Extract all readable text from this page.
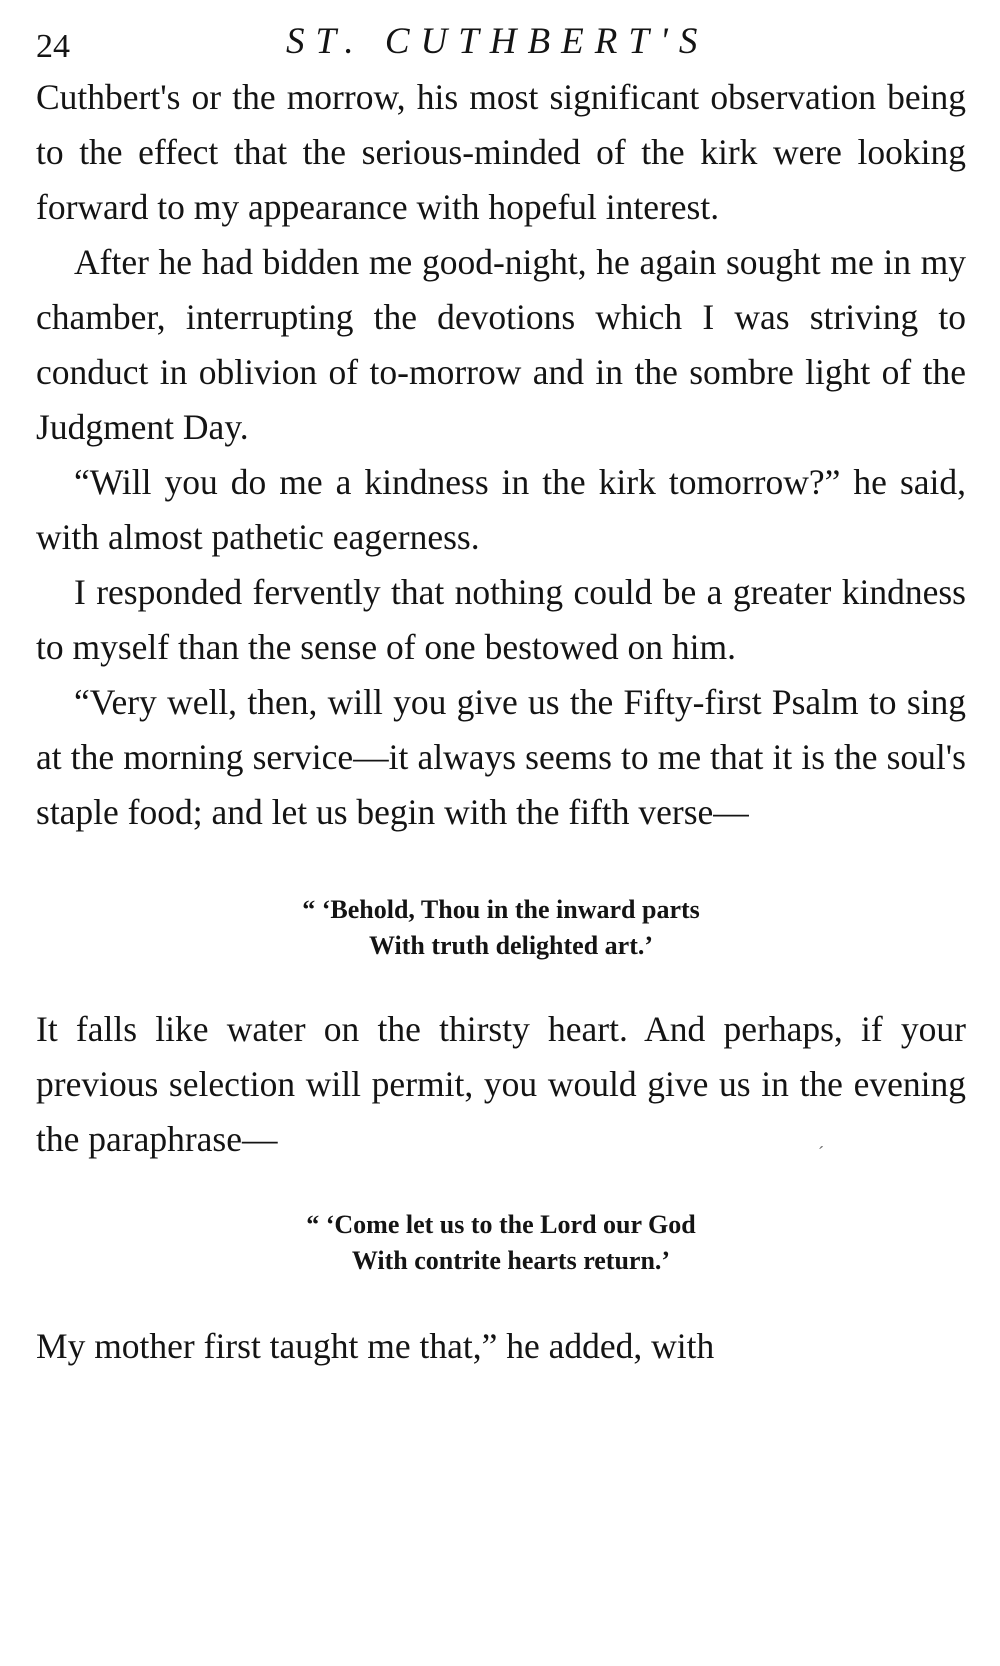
24	ST. CUTHBERT'S

Cuthbert's or the morrow, his most significant observation being to the effect that the serious-minded of the kirk were looking forward to my appearance with hopeful interest.

After he had bidden me good-night, he again sought me in my chamber, interrupting the devotions which I was striving to conduct in oblivion of to-morrow and in the sombre light of the Judgment Day.

“Will you do me a kindness in the kirk tomorrow?” he said, with almost pathetic eagerness.

I responded fervently that nothing could be a greater kindness to myself than the sense of one bestowed on him.

“Very well, then, will you give us the Fifty-first Psalm to sing at the morning service—it always seems to me that it is the soul's staple food; and let us begin with the fifth verse—

“ ‘Behold, Thou in the inward parts
With truth delighted art.’

It falls like water on the thirsty heart. And perhaps, if your previous selection will permit, you would give us in the evening the paraphrase—

“ ‘Come let us to the Lord our God
With contrite hearts return.’

My mother first taught me that,” he added, with

ˊ
